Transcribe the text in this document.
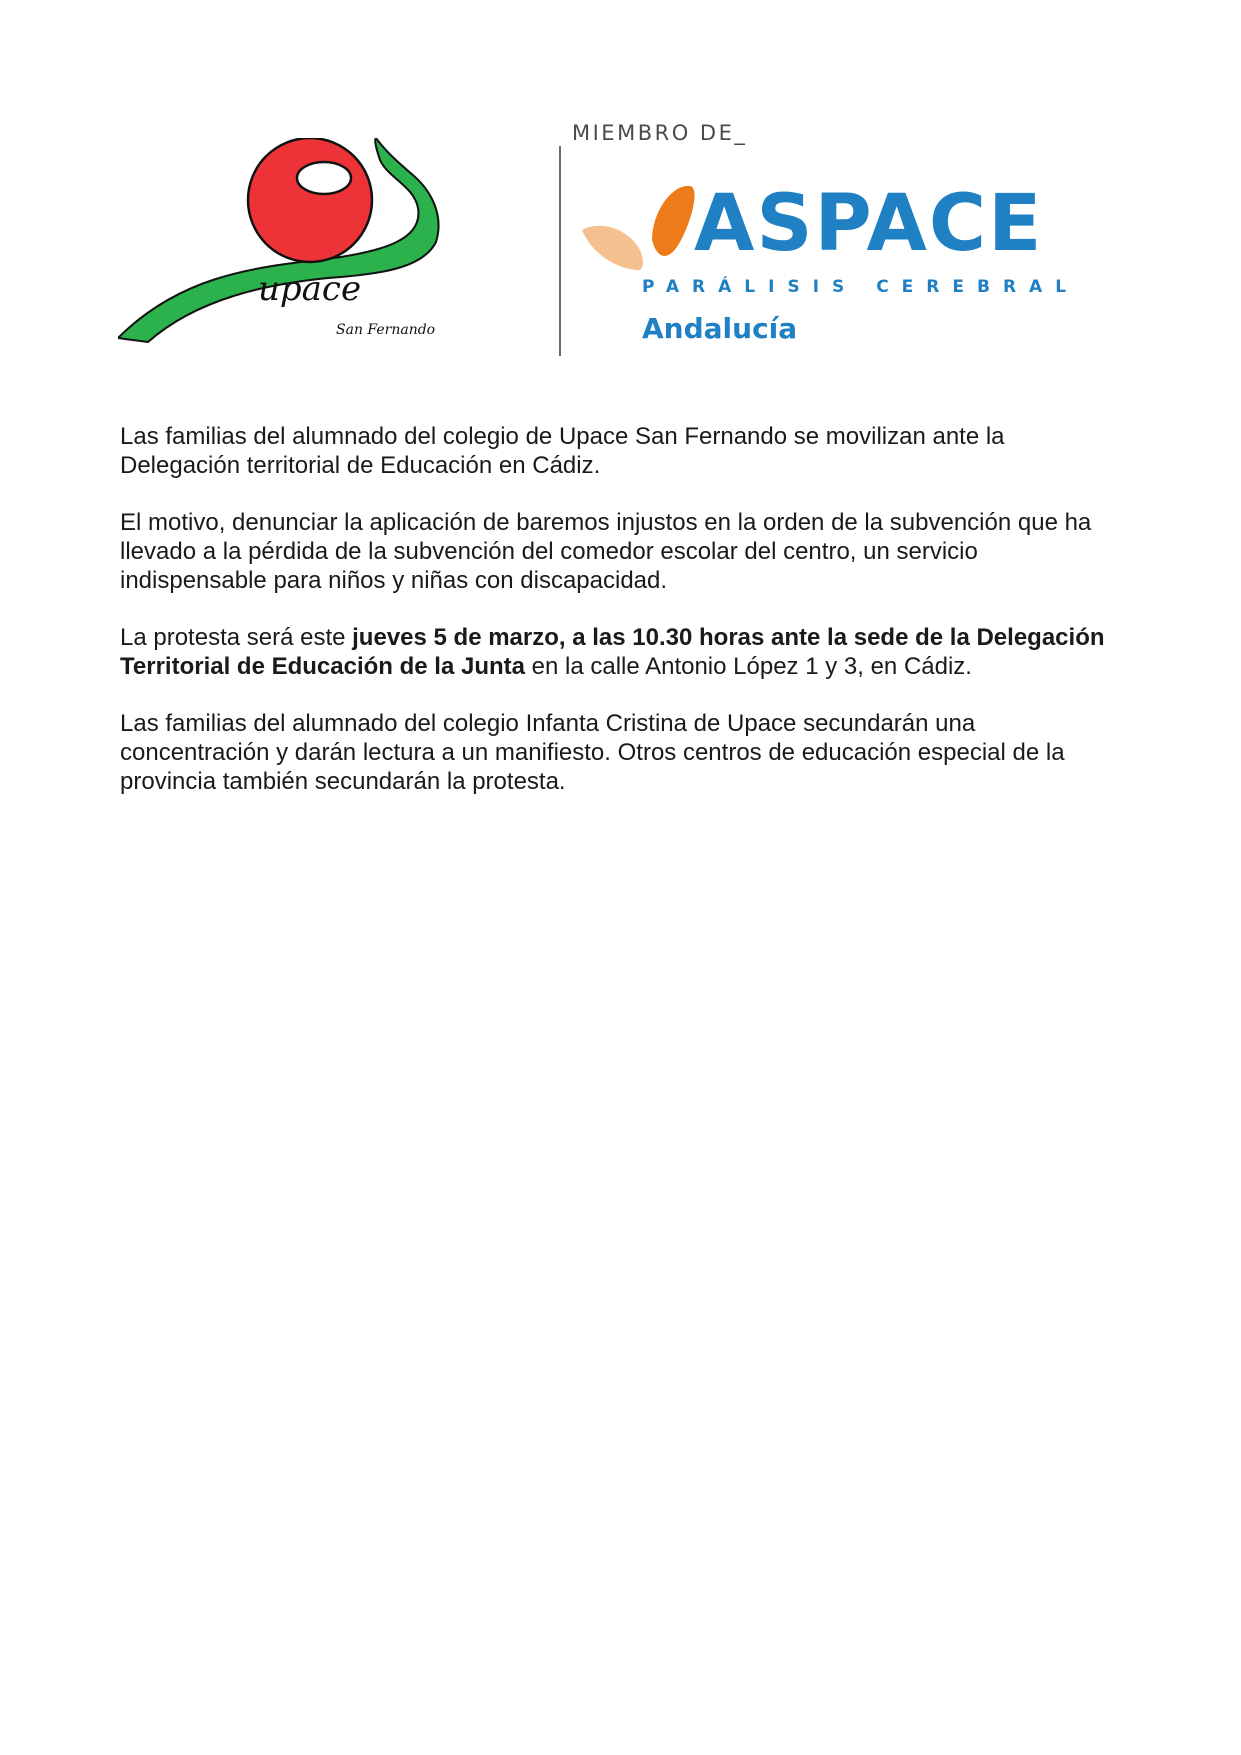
upace
San Fernando
MIEMBRO DE_
ASPACE
PARÁLISIS CEREBRAL
Andalucía

Las familias del alumnado del colegio de Upace San Fernando se movilizan ante la Delegación territorial de Educación en Cádiz.

El motivo, denunciar la aplicación de baremos injustos en la orden de la subvención que ha llevado a la pérdida de la subvención del comedor escolar del centro, un servicio indispensable para niños y niñas con discapacidad.

La protesta será este jueves 5 de marzo, a las 10.30 horas ante la sede de la Delegación Territorial de Educación de la Junta en la calle Antonio López 1 y 3, en Cádiz.

Las familias del alumnado del colegio Infanta Cristina de Upace secundarán una concentración y darán lectura a un manifiesto. Otros centros de educación especial de la provincia también secundarán la protesta.
